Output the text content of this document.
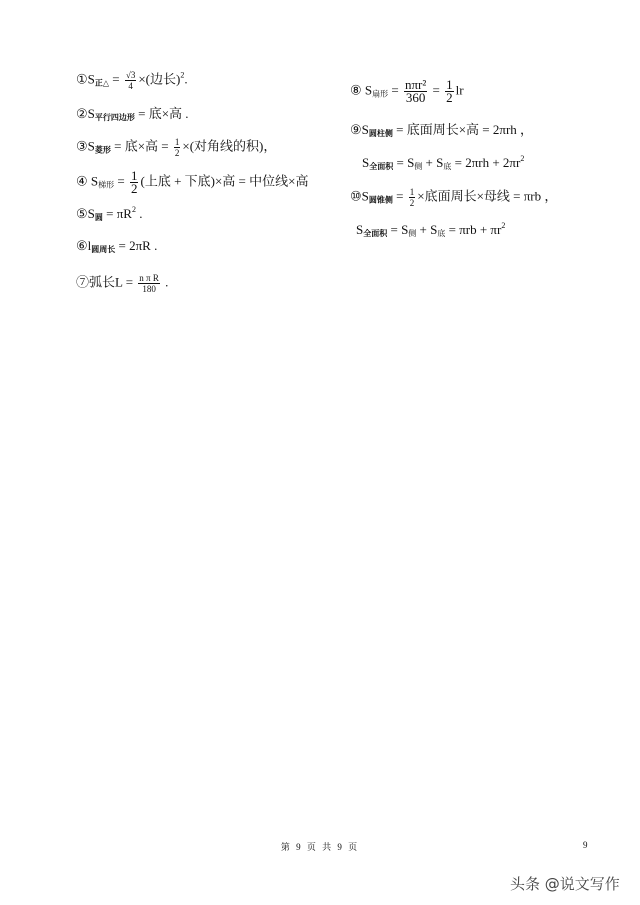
$①S_{正\triangle} = \frac{√3}{4}$ ×(边长)$^2$.
$②S_{平行四边形}$ = 底×高 .
$③S_{菱形}$ = 底×高 = $\frac{1}{2}$ ×(对角线的积)，
④ S梯形 = $\frac{1}{2}$ (上底 + 下底)×高 = 中位线×高
$⑤S_圆 = \pi R^2$ .
$⑥l_{圆周长} = 2\pi R$ .
⑦弧长$L = \frac{\text{n π R}}{180}$ .
⑧ S扇形 = $\frac{\text{nπr²}}{360} = \frac{1}{2}$ lr
$⑨S_{圆柱侧}$ = 底面周长×高 = 2πrh ，
$S_{全面积} = S$侧 + S底 = $2\pi rh + 2\pi r^2$
$⑩S_{圆锥侧} = \frac{1}{2}$ ×底面周长×母线 = πrb ，
$S_{全面积} = S$侧 + S底 = $\pi rb + \pi r^2$
第 9 页 共 9 页	9
头条 @说文写作
